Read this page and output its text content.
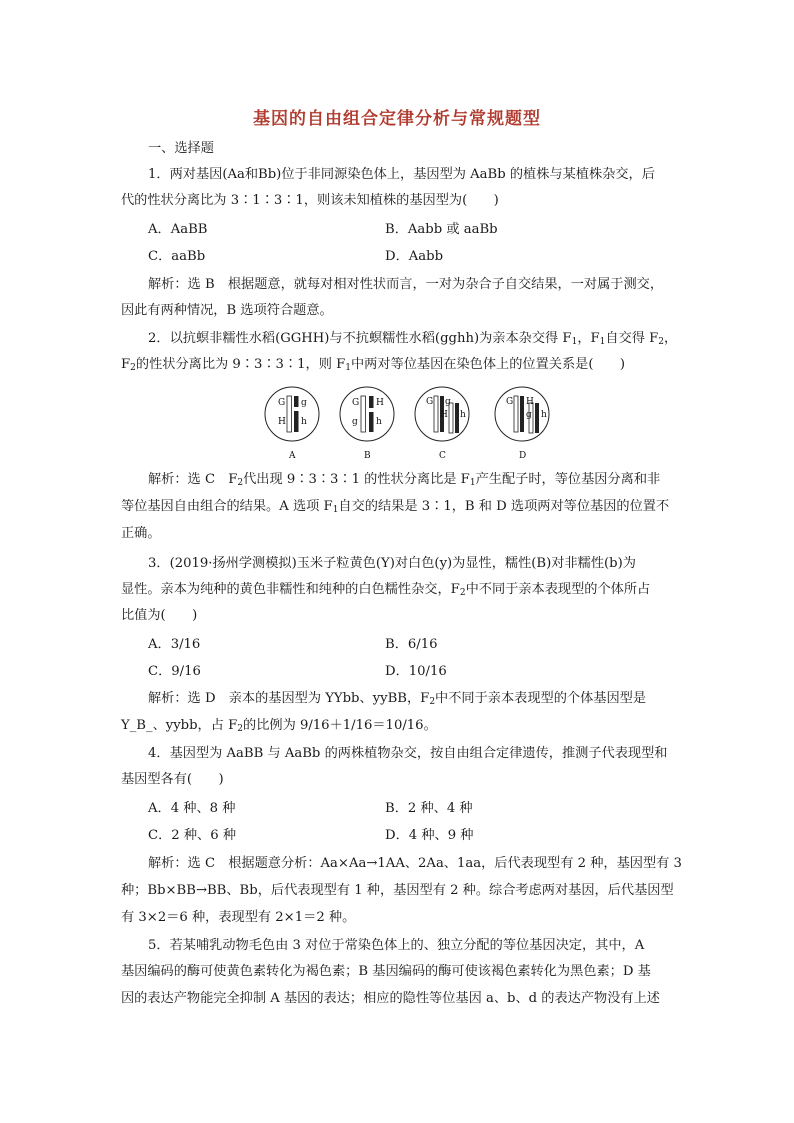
基因的自由组合定律分析与常规题型
一、选择题
1．两对基因(Aa和Bb)位于非同源染色体上，基因型为 AaBb 的植株与某植株杂交，后
代的性状分离比为 3∶1∶3∶1，则该未知植株的基因型为(　　)
A．AaBB	B．Aabb 或 aaBb
C．aaBb	D．Aabb
解析：选 B　根据题意，就每对相对性状而言，一对为杂合子自交结果，一对属于测交，
因此有两种情况，B 选项符合题意。
2．以抗螟非糯性水稻(GGHH)与不抗螟糯性水稻(gghh)为亲本杂交得 $F_1$，$F_1$自交得 $F_2$，
$F_2$的性状分离比为 9∶3∶3∶1，则 $F_1$中两对等位基因在染色体上的位置关系是(　　)
G g
H h
A
G H
g h
B
G g
H h
C
G H
g h
D
解析：选 C　$F_2$代出现 9∶3∶3∶1 的性状分离比是 $F_1$产生配子时，等位基因分离和非
等位基因自由组合的结果。A 选项 $F_1$自交的结果是 3∶1，B 和 D 选项两对等位基因的位置不
正确。
3．(2019·扬州学测模拟)玉米子粒黄色(Y)对白色(y)为显性，糯性(B)对非糯性(b)为
显性。亲本为纯种的黄色非糯性和纯种的白色糯性杂交，$F_2$中不同于亲本表现型的个体所占
比值为(　　)
A．3/16	B．6/16
C．9/16	D．10/16
解析：选 D　亲本的基因型为 YYbb、yyBB，$F_2$中不同于亲本表现型的个体基因型是
Y_B_、yybb，占 $F_2$的比例为 9/16＋1/16＝10/16。
4．基因型为 AaBB 与 AaBb 的两株植物杂交，按自由组合定律遗传，推测子代表现型和
基因型各有(　　)
A．4 种、8 种	B．2 种、4 种
C．2 种、6 种	D．4 种、9 种
解析：选 C　根据题意分析：Aa×Aa→1AA、2Aa、1aa，后代表现型有 2 种，基因型有 3
种；Bb×BB→BB、Bb，后代表现型有 1 种，基因型有 2 种。综合考虑两对基因，后代基因型
有 3×2＝6 种，表现型有 2×1＝2 种。
5．若某哺乳动物毛色由 3 对位于常染色体上的、独立分配的等位基因决定，其中，A
基因编码的酶可使黄色素转化为褐色素；B 基因编码的酶可使该褐色素转化为黑色素；D 基
因的表达产物能完全抑制 A 基因的表达；相应的隐性等位基因 a、b、d 的表达产物没有上述
